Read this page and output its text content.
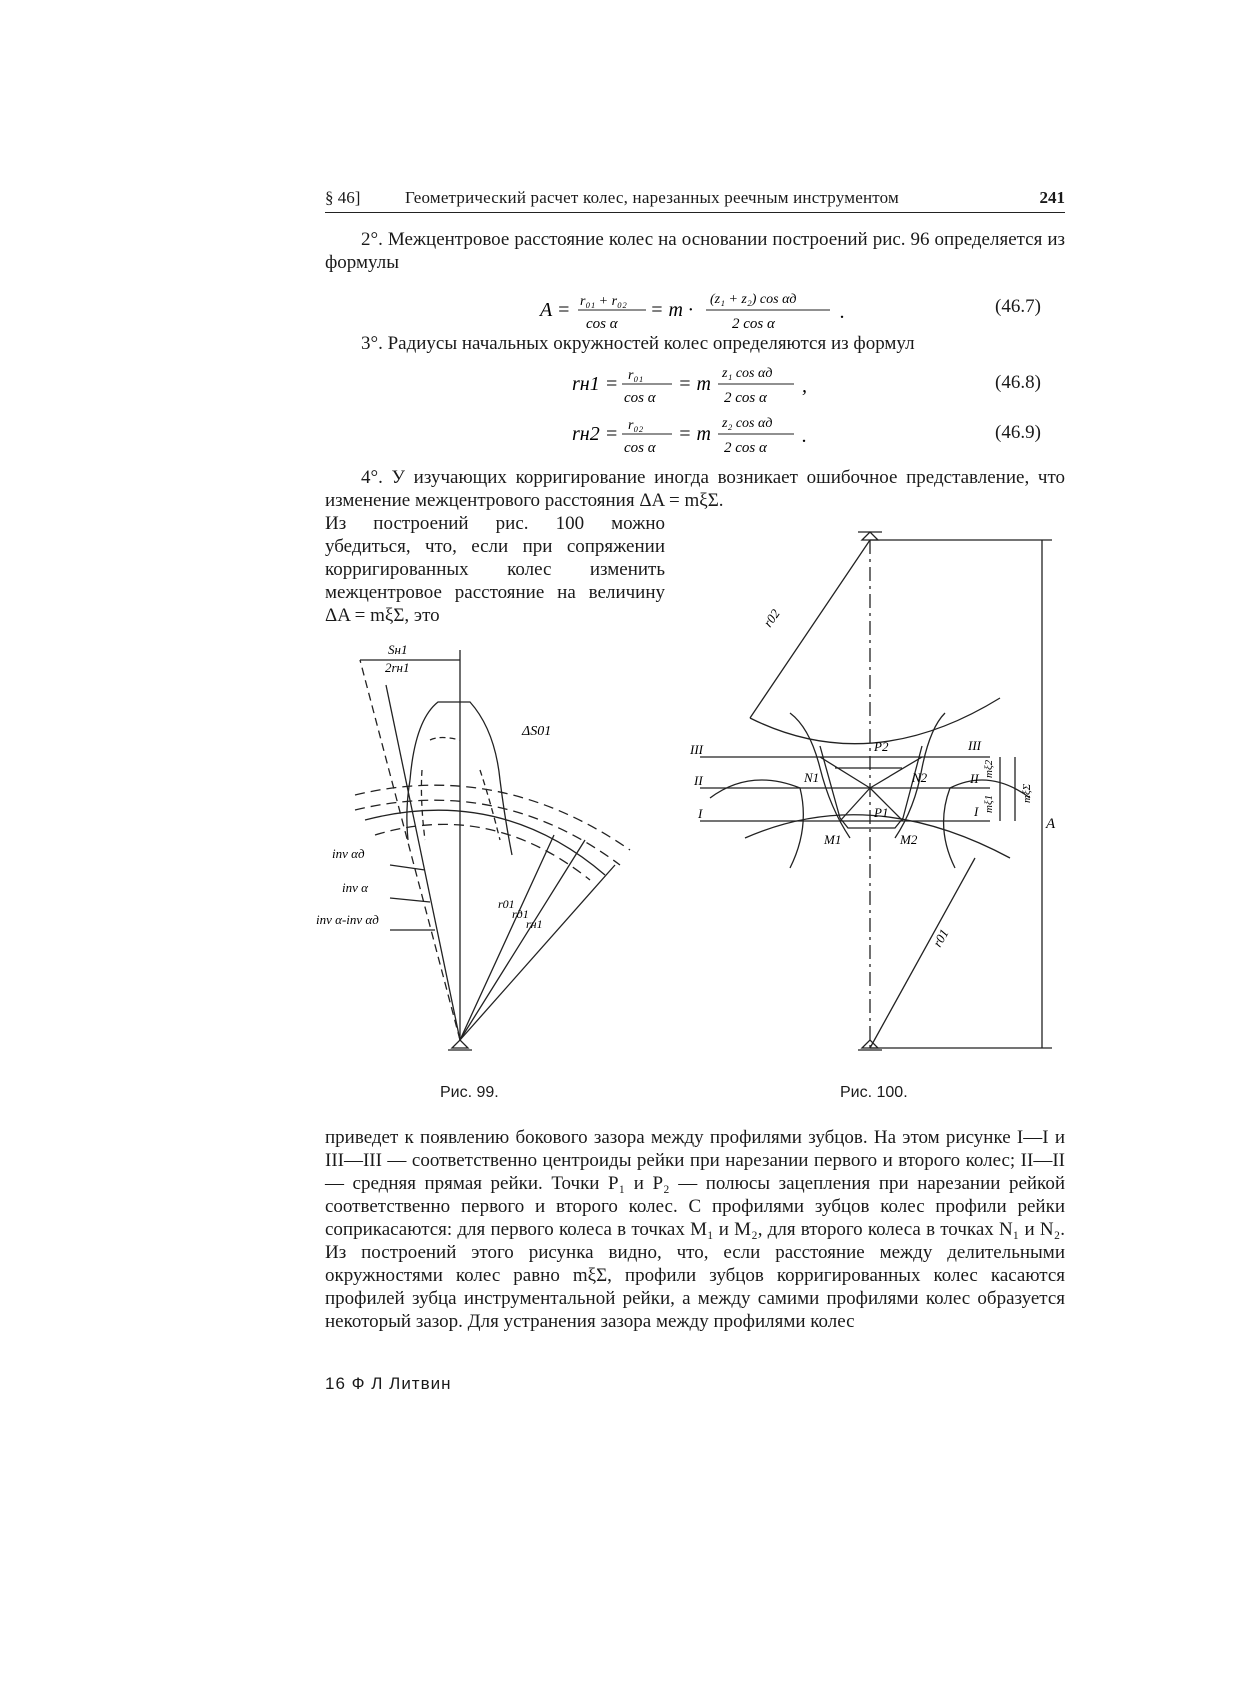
§ 46]	Геометрический расчет колес, нарезанных реечным инструментом	241
2°. Межцентровое расстояние колес на основании построений рис. 96 определяется из формулы
A = r₀₁ + r₀₂
cos α
= m · (z₁ + z₂) cos αд
2 cos α
.	(46.7)
3°. Радиусы начальных окружностей колес определяются из формул
rн1 = r₀₁
cos α
= m z₁ cos αд
2 cos α
,	(46.8)
rн2 = r₀₂
cos α
= m z₂ cos αд
2 cos α
.	(46.9)
4°. У изучающих корригирование иногда возникает ошибочное представление, что изменение межцентрового расстояния ΔA = mξΣ.
Из построений рис. 100 можно убедиться, что, если при сопряжении корригированных колес изменить межцентровое расстояние на величину ΔA = mξΣ, это
Sн1
2rн1
ΔS01
inv αд
inv α
inv α-inv αд
r01
rд1
rн1
Рис. 99.
r02
r01
P2
P1
M1	M2
N1	N2
III
II
I
III
II
I
mξ2
mξ1
mξΣ
A
Рис. 100.
приведет к появлению бокового зазора между профилями зубцов. На этом рисунке I—I и III—III — соответственно центроиды рейки при нарезании первого и второго колес; II—II — средняя прямая рейки. Точки P₁ и P₂ — полюсы зацепления при нарезании рейкой соответственно первого и второго колес. С профилями зубцов колес профили рейки соприкасаются: для первого колеса в точках M₁ и M₂, для второго колеса в точках N₁ и N₂. Из построений этого рисунка видно, что, если расстояние между делительными окружностями колес равно mξΣ, профили зубцов корригированных колес касаются профилей зубца инструментальной рейки, а между самими профилями колес образуется некоторый зазор. Для устранения зазора между профилями колес
16 Ф Л Литвин
